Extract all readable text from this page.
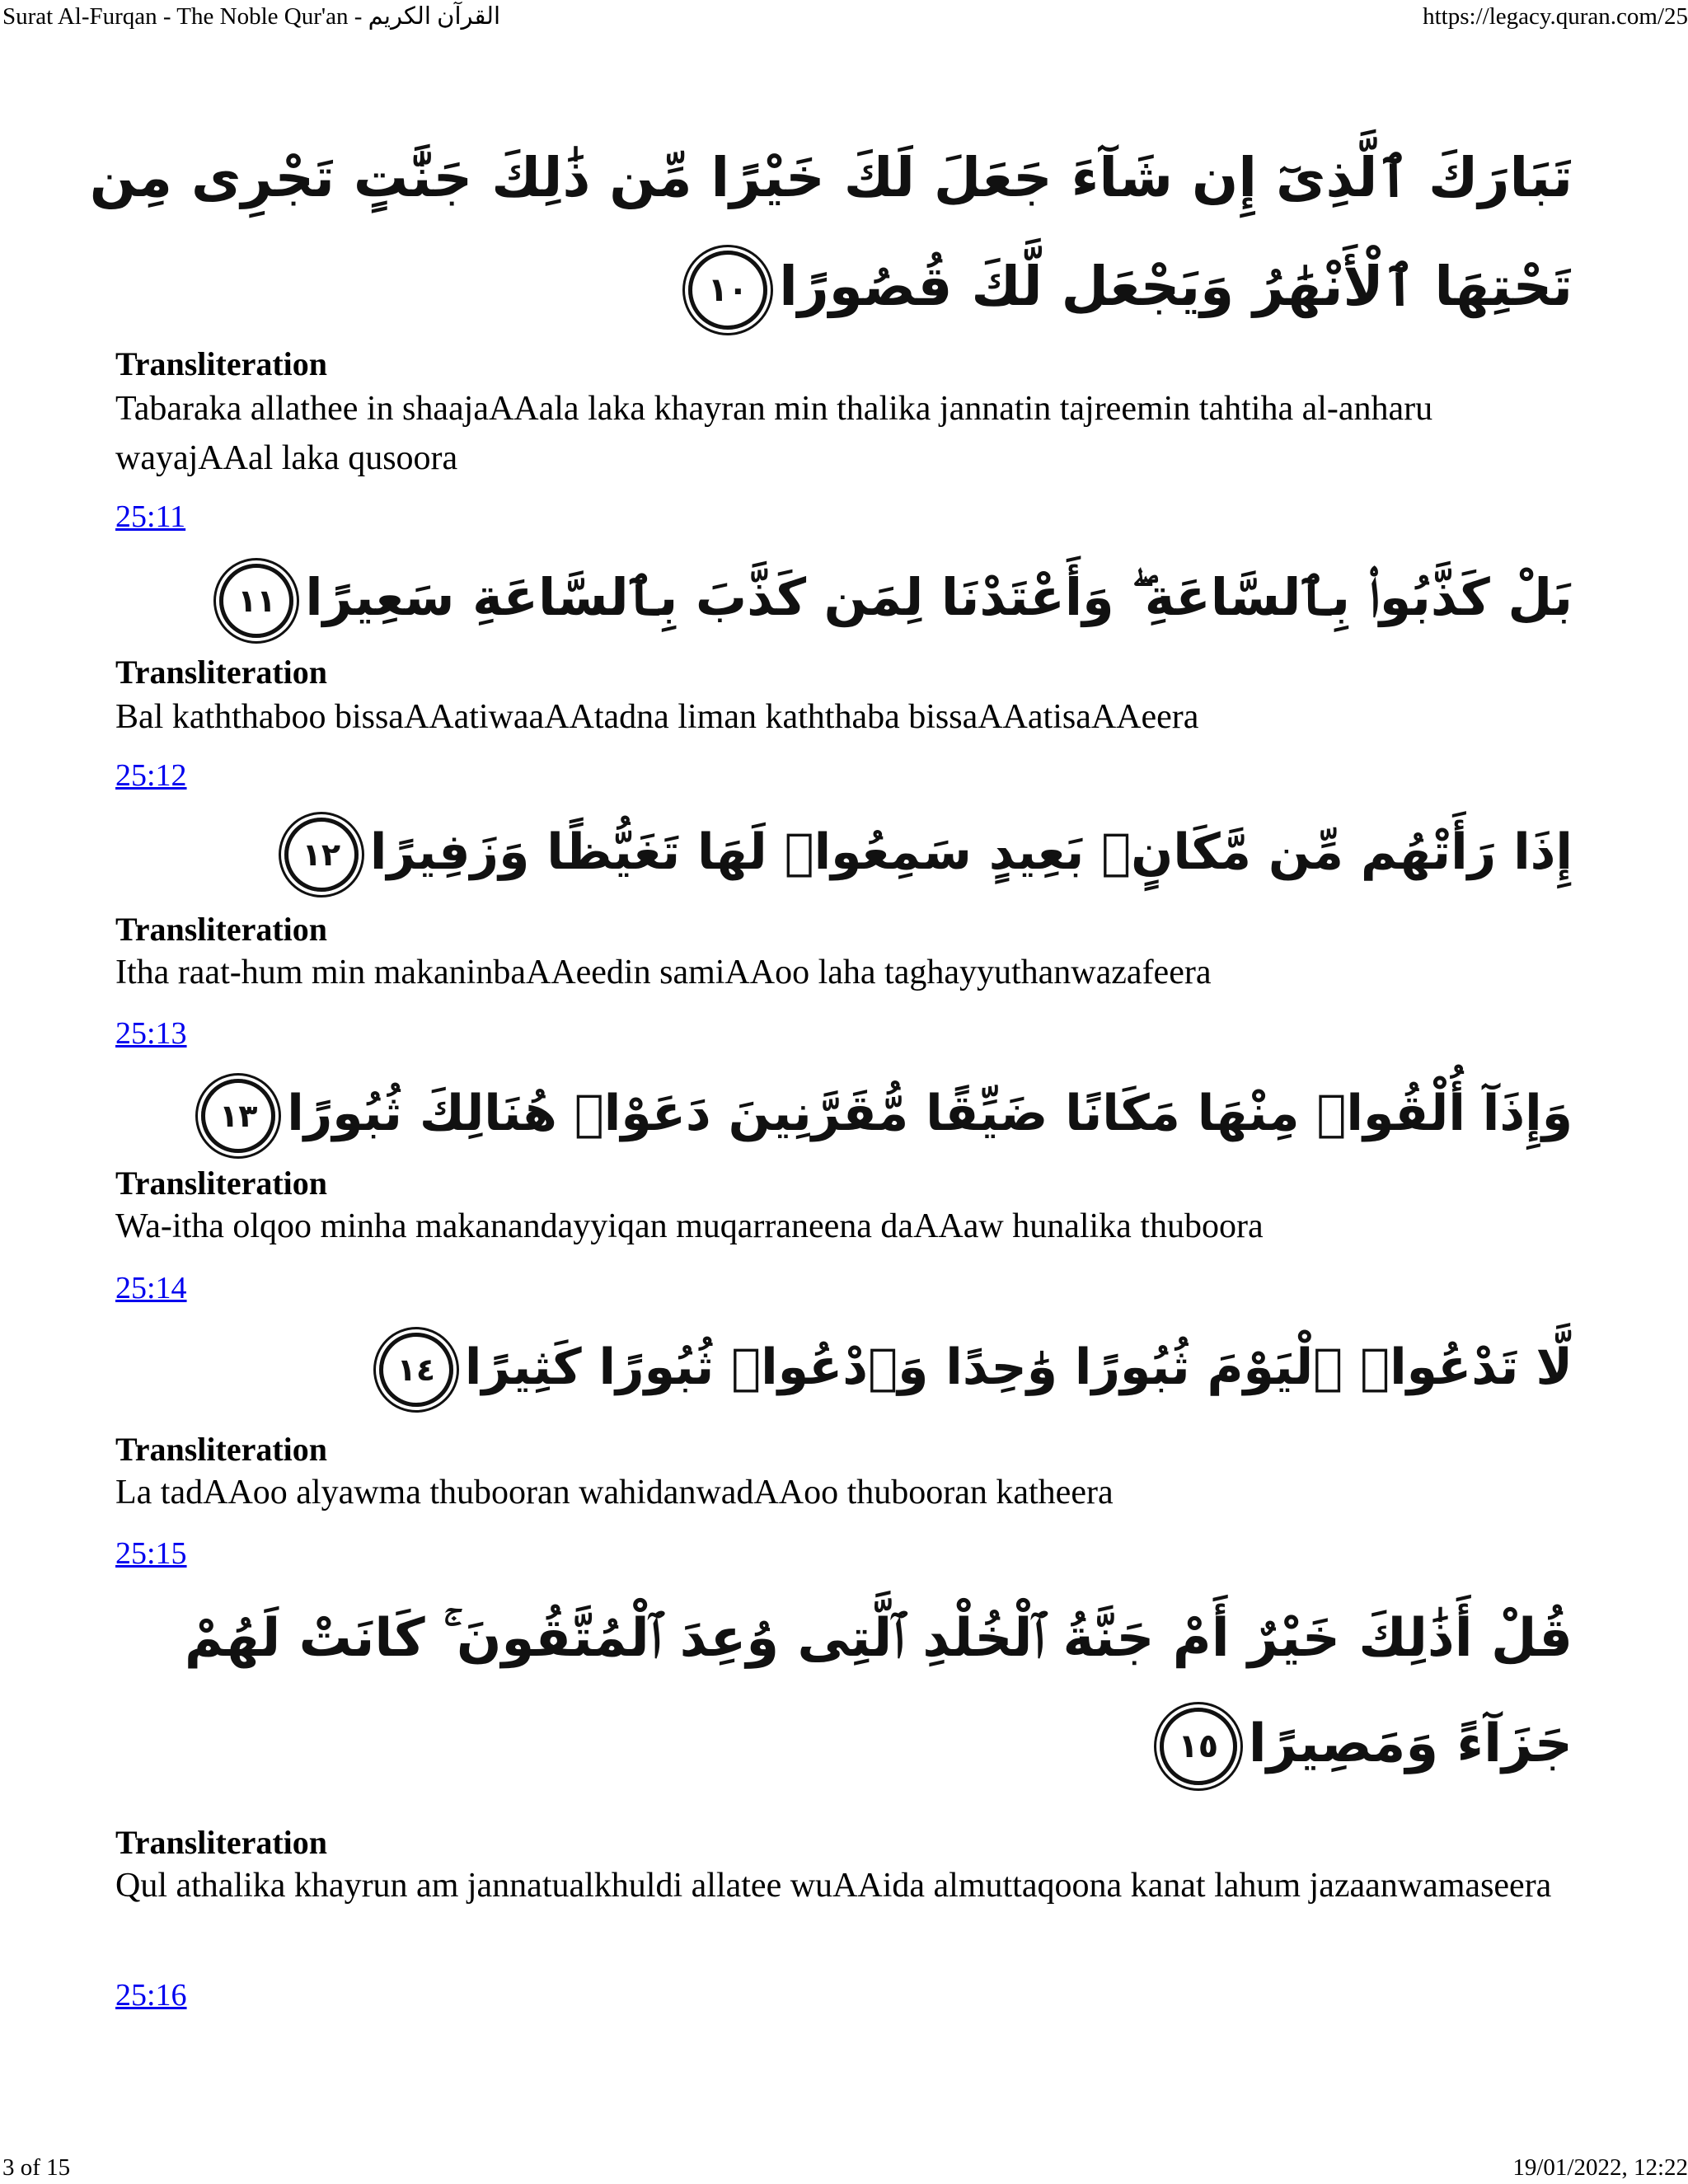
Surat Al-Furqan - The Noble Qur'an - القرآن الكريم	https://legacy.quran.com/25
تَبَارَكَ ٱلَّذِىٓ إِن شَآءَ جَعَلَ لَكَ خَيْرًا مِّن ذَٰلِكَ جَنَّٰتٍ تَجْرِى مِن
تَحْتِهَا ٱلْأَنْهَٰرُ وَيَجْعَل لَّكَ قُصُورًا١٠
Transliteration
Tabaraka allathee in shaajaAAala laka khayran min thalika jannatin tajreemin tahtiha al-anharu wayajAAal laka qusoora
25:11
بَلْ كَذَّبُوا۟ بِٱلسَّاعَةِ ۖ وَأَعْتَدْنَا لِمَن كَذَّبَ بِٱلسَّاعَةِ سَعِيرًا١١
Transliteration
Bal kaththaboo bissaAAatiwaaAAtadna liman kaththaba bissaAAatisaAAeera
25:12
إِذَا رَأَتْهُم مِّن مَّكَانٍۭ بَعِيدٍ سَمِعُوا۟ لَهَا تَغَيُّظًا وَزَفِيرًا١٢
Transliteration
Itha raat-hum min makaninbaAAeedin samiAAoo laha taghayyuthanwazafeera
25:13
وَإِذَآ أُلْقُوا۟ مِنْهَا مَكَانًا ضَيِّقًا مُّقَرَّنِينَ دَعَوْا۟ هُنَالِكَ ثُبُورًا١٣
Transliteration
Wa-itha olqoo minha makanandayyiqan muqarraneena daAAaw hunalika thuboora
25:14
لَّا تَدْعُوا۟ ٱلْيَوْمَ ثُبُورًا وَٰحِدًا وَٱدْعُوا۟ ثُبُورًا كَثِيرًا١٤
Transliteration
La tadAAoo alyawma thubooran wahidanwadAAoo thubooran katheera
25:15
قُلْ أَذَٰلِكَ خَيْرٌ أَمْ جَنَّةُ ٱلْخُلْدِ ٱلَّتِى وُعِدَ ٱلْمُتَّقُونَ ۚ كَانَتْ لَهُمْ
جَزَآءً وَمَصِيرًا١٥
Transliteration
Qul athalika khayrun am jannatualkhuldi allatee wuAAida almuttaqoona kanat lahum jazaanwamaseera
25:16
3 of 15	19/01/2022, 12:22
